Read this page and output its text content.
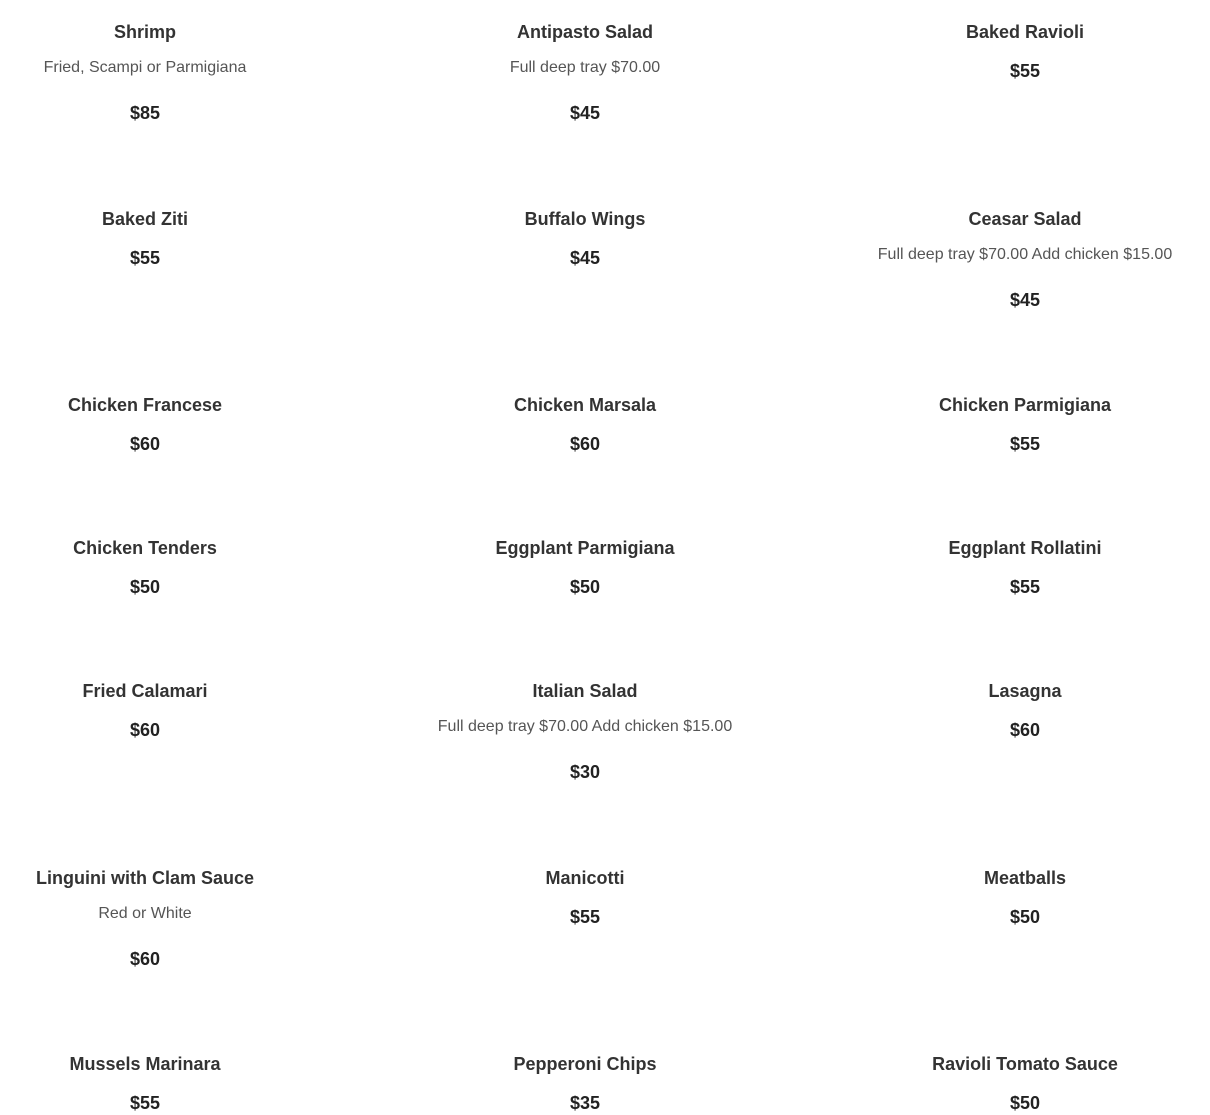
Shrimp
Fried, Scampi or Parmigiana
$85
Antipasto Salad
Full deep tray $70.00
$45
Baked Ravioli
$55
Baked Ziti
$55
Buffalo Wings
$45
Ceasar Salad
Full deep tray $70.00 Add chicken $15.00
$45
Chicken Francese
$60
Chicken Marsala
$60
Chicken Parmigiana
$55
Chicken Tenders
$50
Eggplant Parmigiana
$50
Eggplant Rollatini
$55
Fried Calamari
$60
Italian Salad
Full deep tray $70.00 Add chicken $15.00
$30
Lasagna
$60
Linguini with Clam Sauce
Red or White
$60
Manicotti
$55
Meatballs
$50
Mussels Marinara
$55
Pepperoni Chips
$35
Ravioli Tomato Sauce
$50
